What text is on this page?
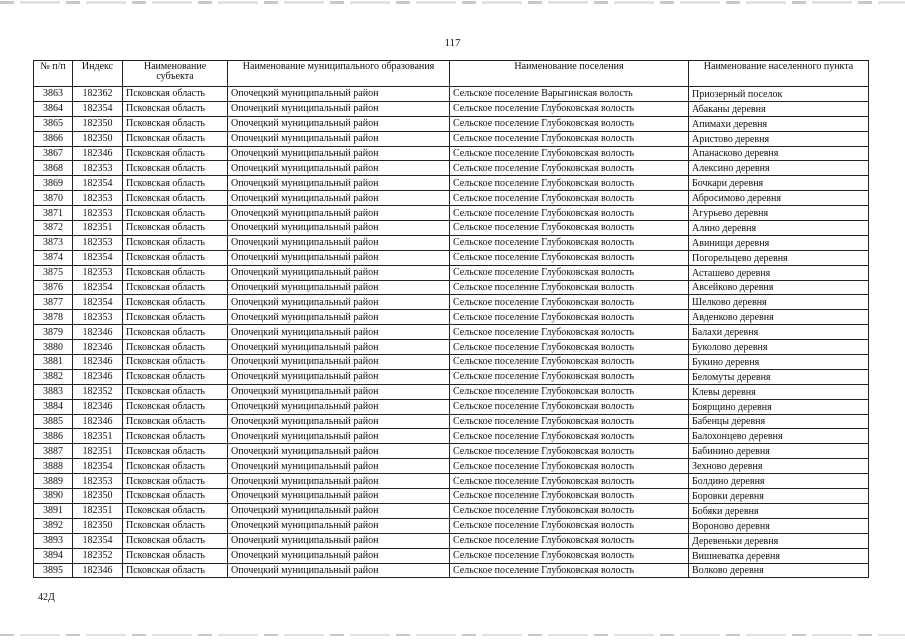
117
№ п/п	Индекс	Наименование субъекта	Наименование муниципального образования	Наименование поселения	Наименование населенного пункта
3863	182362	Псковская область	Опочецкий муниципальный район	Сельское поселение Варыгинская волость	Приозерный поселок
3864	182354	Псковская область	Опочецкий муниципальный район	Сельское поселение Глубоковская волость	Абаканы деревня
3865	182350	Псковская область	Опочецкий муниципальный район	Сельское поселение Глубоковская волость	Апимахи деревня
3866	182350	Псковская область	Опочецкий муниципальный район	Сельское поселение Глубоковская волость	Аристово деревня
3867	182346	Псковская область	Опочецкий муниципальный район	Сельское поселение Глубоковская волость	Апанасково деревня
3868	182353	Псковская область	Опочецкий муниципальный район	Сельское поселение Глубоковская волость	Алексино деревня
3869	182354	Псковская область	Опочецкий муниципальный район	Сельское поселение Глубоковская волость	Бочкари деревня
3870	182353	Псковская область	Опочецкий муниципальный район	Сельское поселение Глубоковская волость	Абросимово деревня
3871	182353	Псковская область	Опочецкий муниципальный район	Сельское поселение Глубоковская волость	Агурьево деревня
3872	182351	Псковская область	Опочецкий муниципальный район	Сельское поселение Глубоковская волость	Алино деревня
3873	182353	Псковская область	Опочецкий муниципальный район	Сельское поселение Глубоковская волость	Авинищи деревня
3874	182354	Псковская область	Опочецкий муниципальный район	Сельское поселение Глубоковская волость	Погорельцево деревня
3875	182353	Псковская область	Опочецкий муниципальный район	Сельское поселение Глубоковская волость	Асташево деревня
3876	182354	Псковская область	Опочецкий муниципальный район	Сельское поселение Глубоковская волость	Авсейково деревня
3877	182354	Псковская область	Опочецкий муниципальный район	Сельское поселение Глубоковская волость	Шелково деревня
3878	182353	Псковская область	Опочецкий муниципальный район	Сельское поселение Глубоковская волость	Авденково деревня
3879	182346	Псковская область	Опочецкий муниципальный район	Сельское поселение Глубоковская волость	Балахи деревня
3880	182346	Псковская область	Опочецкий муниципальный район	Сельское поселение Глубоковская волость	Буколово деревня
3881	182346	Псковская область	Опочецкий муниципальный район	Сельское поселение Глубоковская волость	Букино деревня
3882	182346	Псковская область	Опочецкий муниципальный район	Сельское поселение Глубоковская волость	Беломуты деревня
3883	182352	Псковская область	Опочецкий муниципальный район	Сельское поселение Глубоковская волость	Клевы деревня
3884	182346	Псковская область	Опочецкий муниципальный район	Сельское поселение Глубоковская волость	Боярщино деревня
3885	182346	Псковская область	Опочецкий муниципальный район	Сельское поселение Глубоковская волость	Бабенцы деревня
3886	182351	Псковская область	Опочецкий муниципальный район	Сельское поселение Глубоковская волость	Балохонцево деревня
3887	182351	Псковская область	Опочецкий муниципальный район	Сельское поселение Глубоковская волость	Бабинино деревня
3888	182354	Псковская область	Опочецкий муниципальный район	Сельское поселение Глубоковская волость	Зехново деревня
3889	182353	Псковская область	Опочецкий муниципальный район	Сельское поселение Глубоковская волость	Болдино деревня
3890	182350	Псковская область	Опочецкий муниципальный район	Сельское поселение Глубоковская волость	Боровки деревня
3891	182351	Псковская область	Опочецкий муниципальный район	Сельское поселение Глубоковская волость	Бобяки деревня
3892	182350	Псковская область	Опочецкий муниципальный район	Сельское поселение Глубоковская волость	Вороново деревня
3893	182354	Псковская область	Опочецкий муниципальный район	Сельское поселение Глубоковская волость	Деревеньки деревня
3894	182352	Псковская область	Опочецкий муниципальный район	Сельское поселение Глубоковская волость	Вишневатка деревня
3895	182346	Псковская область	Опочецкий муниципальный район	Сельское поселение Глубоковская волость	Волково деревня
42Д
